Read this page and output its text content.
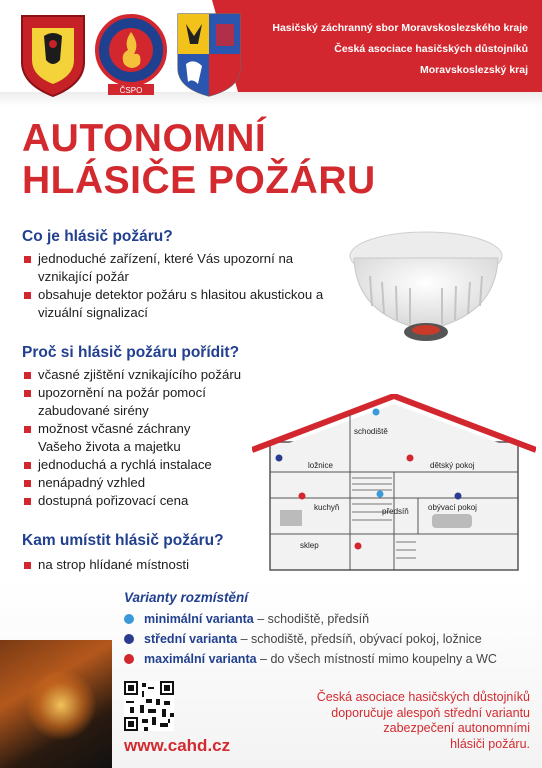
Hasičský záchranný sbor Moravskoslezského kraje
Česká asociace hasičských důstojníků
Moravskoslezský kraj
ČSPO
AUTONOMNÍ
HLÁSIČE POŽÁRU
Co je hlásič požáru?
jednoduché zařízení, které Vás upozorní na vznikající požár
obsahuje detektor požáru s hlasitou akustickou a vizuální signalizací
Proč si hlásič požáru pořídit?
včasné zjištění vznikajícího požáru
upozornění na požár pomocí zabudované sirény
možnost včasné záchrany Vašeho života a majetku
jednoduchá a rychlá instalace
nenápadný vzhled
dostupná pořizovací cena
Kam umístit hlásič požáru?
na strop hlídané místnosti
schodiště
ložnice	dětský pokoj
kuchyň	předsíň obývací pokoj
sklep
Varianty rozmístění
minimální varianta – schodiště, předsíň
střední varianta – schodiště, předsíň, obývací pokoj, ložnice
maximální varianta – do všech místností mimo koupelny a WC
www.cahd.cz
Česká asociace hasičských důstojníků
doporučuje alespoň střední variantu
zabezpečení autonomními
hlásiči požáru.
